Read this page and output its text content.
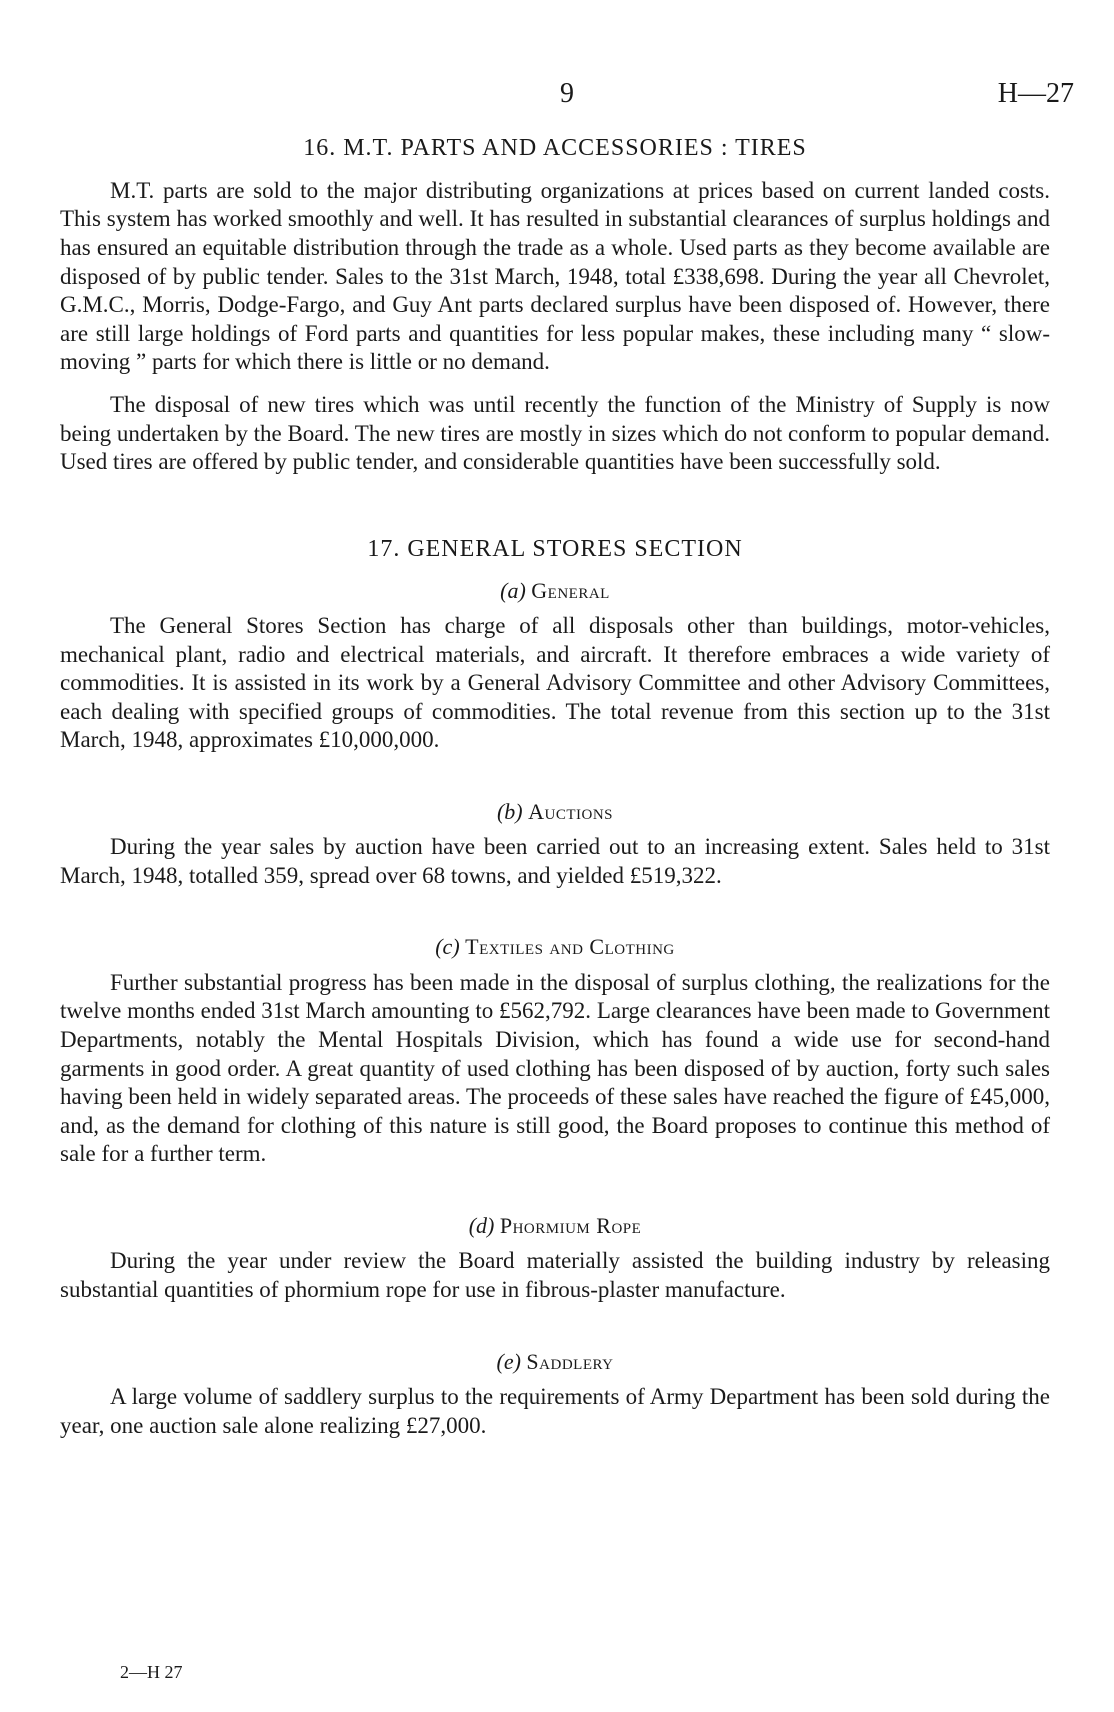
9	H—27
16. M.T. PARTS AND ACCESSORIES : TIRES

M.T. parts are sold to the major distributing organizations at prices based on current landed costs. This system has worked smoothly and well. It has resulted in substantial clearances of surplus holdings and has ensured an equitable distribution through the trade as a whole. Used parts as they become available are disposed of by public tender. Sales to the 31st March, 1948, total £338,698. During the year all Chevrolet, G.M.C., Morris, Dodge-Fargo, and Guy Ant parts declared surplus have been disposed of. However, there are still large holdings of Ford parts and quantities for less popular makes, these including many “ slow-moving ” parts for which there is little or no demand.

The disposal of new tires which was until recently the function of the Ministry of Supply is now being undertaken by the Board. The new tires are mostly in sizes which do not conform to popular demand. Used tires are offered by public tender, and considerable quantities have been successfully sold.

17. GENERAL STORES SECTION
(a) General

The General Stores Section has charge of all disposals other than buildings, motor-vehicles, mechanical plant, radio and electrical materials, and aircraft. It therefore embraces a wide variety of commodities. It is assisted in its work by a General Advisory Committee and other Advisory Committees, each dealing with specified groups of commodities. The total revenue from this section up to the 31st March, 1948, approximates £10,000,000.

(b) Auctions

During the year sales by auction have been carried out to an increasing extent. Sales held to 31st March, 1948, totalled 359, spread over 68 towns, and yielded £519,322.

(c) Textiles and Clothing

Further substantial progress has been made in the disposal of surplus clothing, the realizations for the twelve months ended 31st March amounting to £562,792. Large clearances have been made to Government Departments, notably the Mental Hospitals Division, which has found a wide use for second-hand garments in good order. A great quantity of used clothing has been disposed of by auction, forty such sales having been held in widely separated areas. The proceeds of these sales have reached the figure of £45,000, and, as the demand for clothing of this nature is still good, the Board proposes to continue this method of sale for a further term.

(d) Phormium Rope

During the year under review the Board materially assisted the building industry by releasing substantial quantities of phormium rope for use in fibrous-plaster manufacture.

(e) Saddlery

A large volume of saddlery surplus to the requirements of Army Department has been sold during the year, one auction sale alone realizing £27,000.

2—H 27
